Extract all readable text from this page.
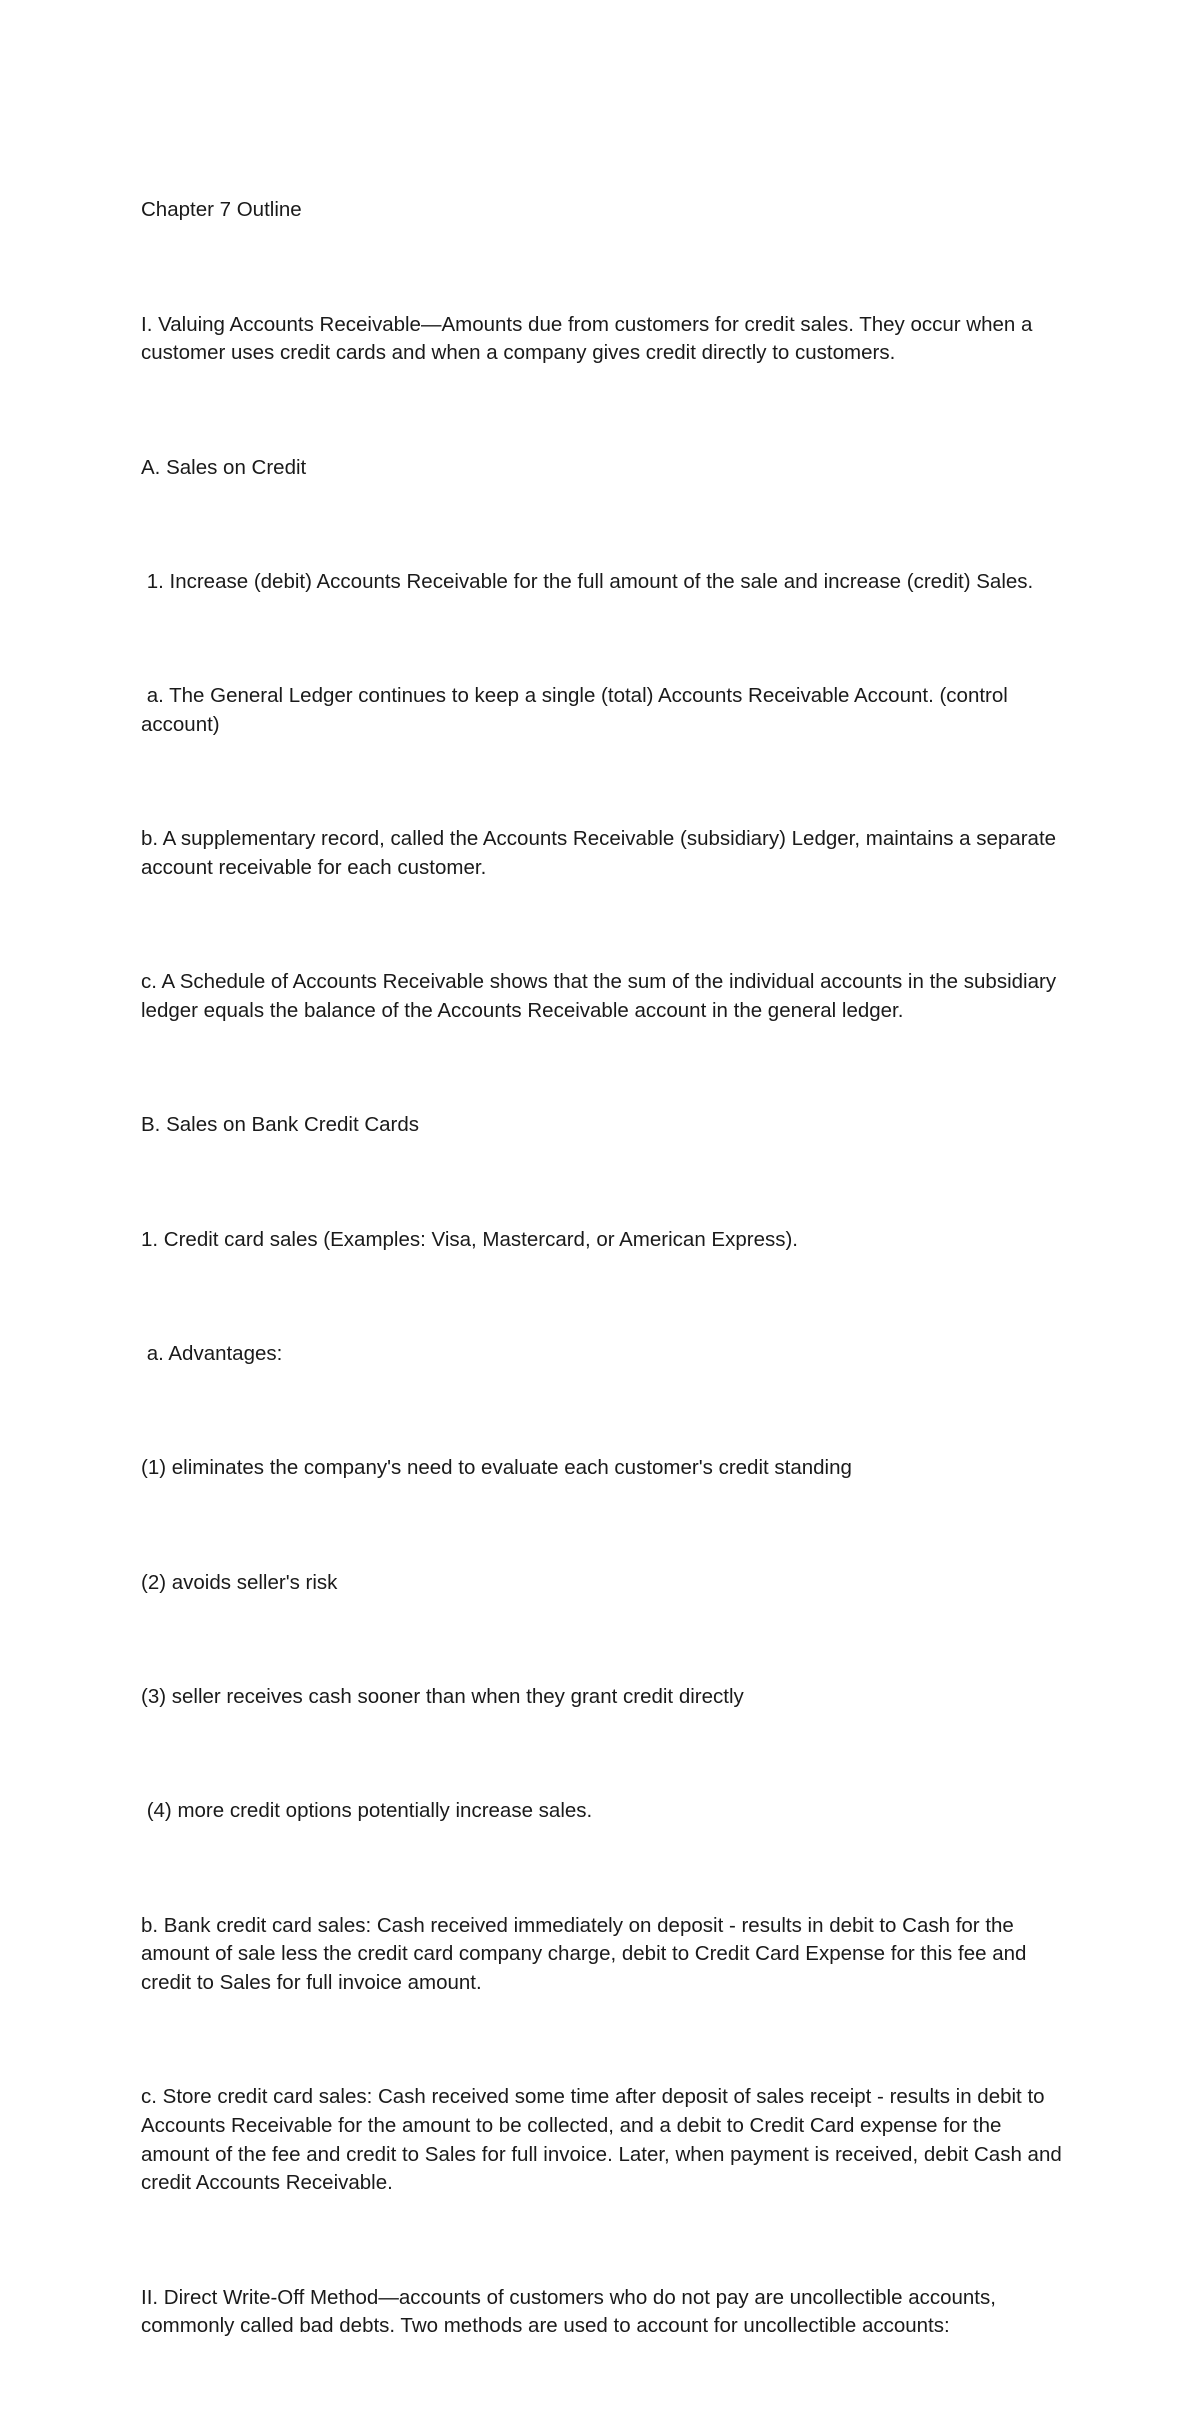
Chapter 7 Outline

I. Valuing Accounts Receivable—Amounts due from customers for credit sales. They occur when a customer uses credit cards and when a company gives credit directly to customers.

A. Sales on Credit

1. Increase (debit) Accounts Receivable for the full amount of the sale and increase (credit) Sales.

a. The General Ledger continues to keep a single (total) Accounts Receivable Account. (control account)

b. A supplementary record, called the Accounts Receivable (subsidiary) Ledger, maintains a separate account receivable for each customer.

c. A Schedule of Accounts Receivable shows that the sum of the individual accounts in the subsidiary ledger equals the balance of the Accounts Receivable account in the general ledger.

B. Sales on Bank Credit Cards

1. Credit card sales (Examples: Visa, Mastercard, or American Express).

a. Advantages:

(1) eliminates the company's need to evaluate each customer's credit standing

(2) avoids seller's risk

(3) seller receives cash sooner than when they grant credit directly

(4) more credit options potentially increase sales.

b. Bank credit card sales: Cash received immediately on deposit - results in debit to Cash for the amount of sale less the credit card company charge, debit to Credit Card Expense for this fee and credit to Sales for full invoice amount.

c. Store credit card sales: Cash received some time after deposit of sales receipt - results in debit to Accounts Receivable for the amount to be collected, and a debit to Credit Card expense for the amount of the fee and credit to Sales for full invoice. Later, when payment is received, debit Cash and credit Accounts Receivable.

II. Direct Write-Off Method—accounts of customers who do not pay are uncollectible accounts, commonly called bad debts. Two methods are used to account for uncollectible accounts:
